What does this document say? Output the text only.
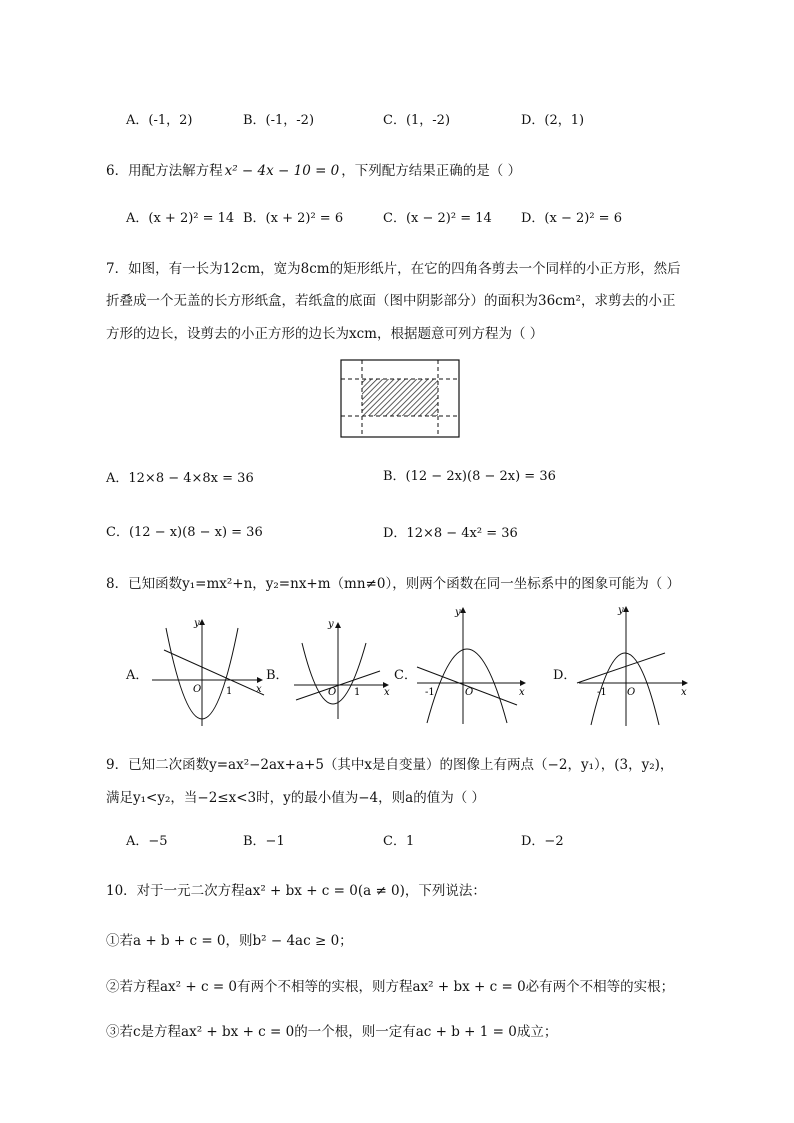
A．(-1，2)	B．(-1，-2)	C．(1，-2)	D．(2，1)
6．用配方法解方程 x² − 4x − 10 = 0 ，下列配方结果正确的是（ ）
A．(x + 2)² = 14 B．(x + 2)² = 6	C．(x − 2)² = 14 D．(x − 2)² = 6
7．如图，有一长为12cm，宽为8cm的矩形纸片，在它的四角各剪去一个同样的小正方形，然后
折叠成一个无盖的长方形纸盒，若纸盒的底面（图中阴影部分）的面积为36cm²，求剪去的小正
方形的边长，设剪去的小正方形的边长为xcm，根据题意可列方程为（ ）
A．12×8 − 4×8x = 36	B．(12 − 2x)(8 − 2x) = 36
C．(12 − x)(8 − x) = 36	D．12×8 − 4x² = 36
8．已知函数y₁=mx²+n，y₂=nx+m（mn≠0），则两个函数在同一坐标系中的图象可能为（ ）
A．	B．	C．	D．
x
y
O 1	x
y
O 1	x
y
O
-1	x
y
O
-1
9．已知二次函数y=ax²−2ax+a+5（其中x是自变量）的图像上有两点（−2，y₁），(3，y₂)，
满足y₁<y₂，当−2≤x<3时，y的最小值为−4，则a的值为（ ）
A．−5	B．−1	C．1	D．−2
10．对于一元二次方程ax² + bx + c = 0(a ≠ 0)，下列说法：
①若a + b + c = 0，则b² − 4ac ≥ 0；
②若方程ax² + c = 0有两个不相等的实根，则方程ax² + bx + c = 0必有两个不相等的实根；
③若c是方程ax² + bx + c = 0的一个根，则一定有ac + b + 1 = 0成立；
